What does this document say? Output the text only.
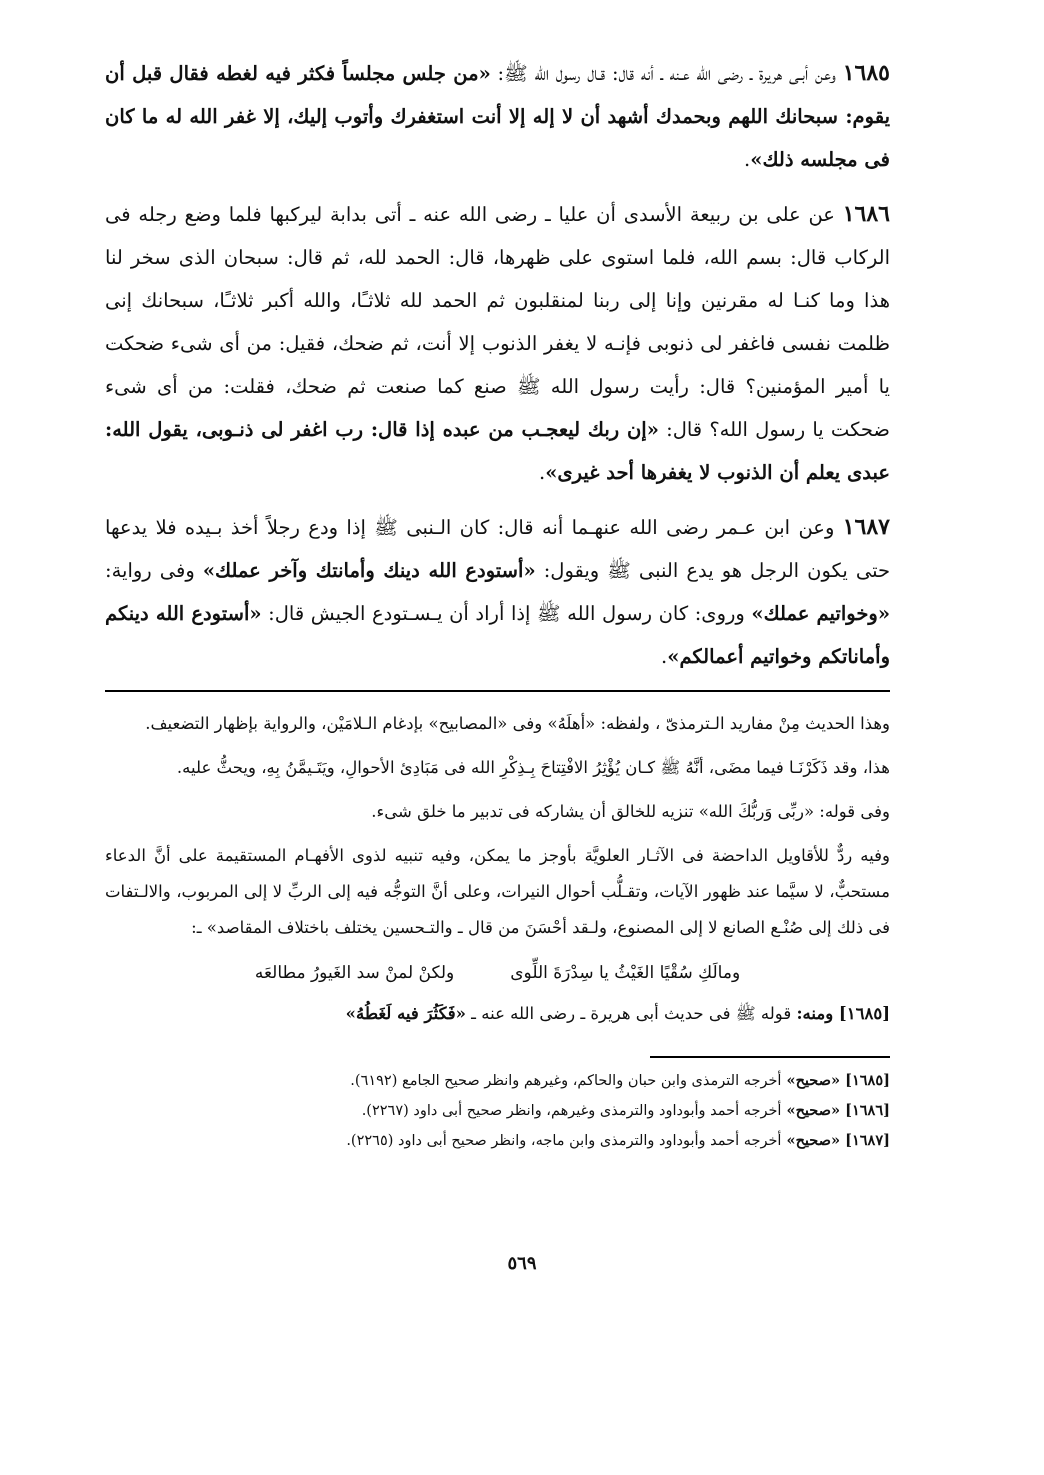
١٦٨٥ وعن أبـى هريرة ـ رضى الله عـنه ـ أنه قال: قـال رسول الله ﷺ: «من جلس مجلساً فكثر فيه لغطه فقال قبل أن يقوم: سبحانك اللهم وبحمدك أشهد أن لا إله إلا أنت استغفرك وأتوب إليك، إلا غفر الله له ما كان فى مجلسه ذلك».

١٦٨٦ عن على بن ربيعة الأسدى أن عليا ـ رضى الله عنه ـ أتى بدابة ليركبها فلما وضع رجله فى الركاب قال: بسم الله، فلما استوى على ظهرها، قال: الحمد لله، ثم قال: سبحان الذى سخر لنا هذا وما كنـا له مقرنين وإنا إلى ربنا لمنقلبون ثم الحمد لله ثلاثـًا، والله أكبر ثلاثـًا، سبحانك إنى ظلمت نفسى فاغفر لى ذنوبى فإنـه لا يغفر الذنوب إلا أنت، ثم ضحك، فقيل: من أى شىء ضحكت يا أمير المؤمنين؟ قال: رأيت رسول الله ﷺ صنع كما صنعت ثم ضحك، فقلت: من أى شىء ضحكت يا رسول الله؟ قال: «إن ربك ليعجـب من عبده إذا قال: رب اغفر لى ذنـوبى، يقول الله: عبدى يعلم أن الذنوب لا يغفرها أحد غيرى».

١٦٨٧ وعن ابن عـمر رضى الله عنهـما أنه قال: كان الـنبى ﷺ إذا ودع رجلاً أخذ بـيده فلا يدعها حتى يكون الرجل هو يدع النبى ﷺ ويقول: «أستودع الله دينك وأمانتك وآخر عملك» وفى رواية: «وخواتيم عملك» وروى: كان رسول الله ﷺ إذا أراد أن يـسـتودع الجيش قال: «أستودع الله دينكم وأماناتكم وخواتيم أعمالكم».

وهذا الحديث مِنْ مفاريد الـترمذىّ ، ولفظه: «أهلَهُ» وفى «المصابيح» بإدغام الـلامَيْن، والرواية بإظهار التضعيف.

هذا، وقد ذَكَرْنَـا فيما مضَى، أنَّهُ ﷺ كـان يُؤْثِرُ الافْتِتاحَ بِـذِكْرِ الله فى مَبَادِئ الأحوالِ، ويَتَـيمَّنُ بِهِ، ويحثُّ عليه.

وفى قوله: «ربِّى وَربُّكَ الله» تنزيه للخالق أن يشاركه فى تدبير ما خلق شىء.

وفيه ردٌّ للأقاويل الداحضة فى الآثـار العلويَّة بأوجز ما يمكن، وفيه تنبيه لذوى الأفهـام المستقيمة على أنَّ الدعاء مستحبٌّ، لا سيَّما عند ظهور الآيات، وتقـلُّب أحوال النيرات، وعلى أنَّ التوجُّه فيه إلى الربِّ لا إلى المربوب، والالـتفات فى ذلك إلى صُنْـع الصانع لا إلى المصنوع، ولـقد أحْسَنَ من قال ـ والتـحسين يختلف باختلاف المقاصد» ـ:

ومالَكِ سُقْيًا الغَيْثُ يا سِدْرَةَ اللِّوى
ولكنْ لمنْ سد الغَيورُ مطالعَه

[١٦٨٥] ومنه: قوله ﷺ فى حديث أبى هريرة ـ رضى الله عنه ـ «فَكَثُرَ فيه لَغَطُهُ»

[١٦٨٥] «صحيح» أخرجه الترمذى وابن حبان والحاكم، وغيرهم وانظر صحيح الجامع (٦١٩٢).

[١٦٨٦] «صحيح» أخرجه أحمد وأبوداود والترمذى وغيرهم، وانظر صحيح أبى داود (٢٢٦٧).

[١٦٨٧] «صحيح» أخرجه أحمد وأبوداود والترمذى وابن ماجه، وانظر صحيح أبى داود (٢٢٦٥).

٥٦٩
